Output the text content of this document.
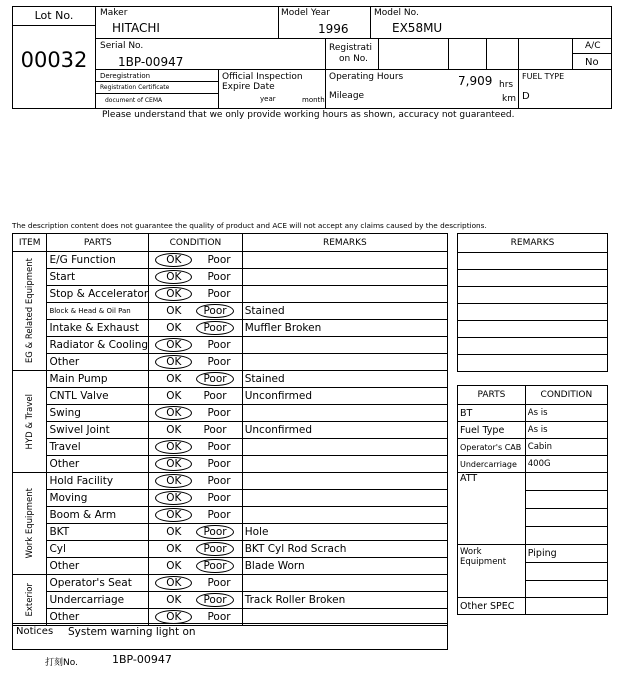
Lot No.
00032
Maker
HITACHI
Model Year
1996
Model No.
EX58MU
Serial No.
1BP-00947
Registrati
on No.
A/C
No
Deregistration
Registration Certificate
document of CEMA
Official Inspection
Expire Date
year	month
Operating Hours	7,909 hrs
Mileage	km
FUEL TYPE
D
Please understand that we only provide working hours as shown, accuracy not guaranteed.
The description content does not guarantee the quality of product and ACE will not accept any claims caused by the descriptions.
ITEM	PARTS	CONDITION	REMARKS

EG & Related Equipment	E/G Function	OK Poor	
	Start	OK Poor	
	Stop & Accelerator	OK Poor	
	Block & Head & Oil Pan	OK Poor	Stained
	Intake & Exhaust	OK Poor	Muffler Broken
	Radiator & Cooling	OK Poor	
	Other	OK Poor	

HYD & Travel	Main Pump	OK Poor	Stained
	CNTL Valve	OK Poor	Unconfirmed
	Swing	OK Poor	
	Swivel Joint	OK Poor	Unconfirmed
	Travel	OK Poor	
	Other	OK Poor	

Work Equipment	Hold Facility	OK Poor	
	Moving	OK Poor	
	Boom & Arm	OK Poor	
	BKT	OK Poor	Hole
	Cyl	OK Poor	BKT Cyl Rod Scrach
	Other	OK Poor	Blade Worn

Exterior	Operator's Seat	OK Poor	
	Undercarriage	OK Poor	Track Roller Broken
	Other	OK Poor	
Notices System warning light on
打刻No.	1BP-00947
REMARKS

PARTS	CONDITION
BT	As is
Fuel Type	As is
Operator's CAB	Cabin
Undercarriage	400G
ATT	

Work Equipment	Piping

Other SPEC	
